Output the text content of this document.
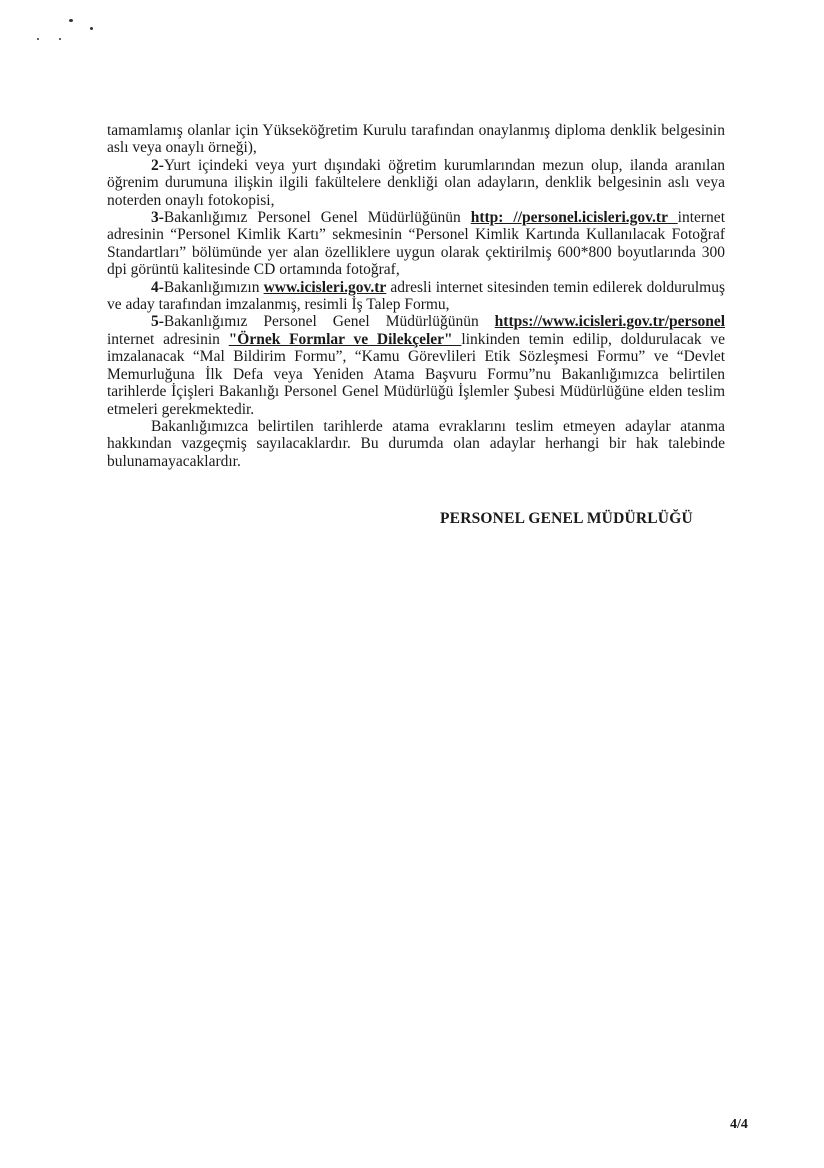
tamamlamış olanlar için Yükseköğretim Kurulu tarafından onaylanmış diploma denklik belgesinin aslı veya onaylı örneği),

2-Yurt içindeki veya yurt dışındaki öğretim kurumlarından mezun olup, ilanda aranılan öğrenim durumuna ilişkin ilgili fakültelere denkliği olan adayların, denklik belgesinin aslı veya noterden onaylı fotokopisi,

3-Bakanlığımız Personel Genel Müdürlüğünün http: //personel.icisleri.gov.tr internet adresinin “Personel Kimlik Kartı” sekmesinin “Personel Kimlik Kartında Kullanılacak Fotoğraf Standartları” bölümünde yer alan özelliklere uygun olarak çektirilmiş 600*800 boyutlarında 300 dpi görüntü kalitesinde CD ortamında fotoğraf,

4-Bakanlığımızın www.icisleri.gov.tr adresli internet sitesinden temin edilerek doldurulmuş ve aday tarafından imzalanmış, resimli İş Talep Formu,

5-Bakanlığımız Personel Genel Müdürlüğünün https://www.icisleri.gov.tr/personel internet adresinin "Örnek Formlar ve Dilekçeler" linkinden temin edilip, doldurulacak ve imzalanacak “Mal Bildirim Formu”, “Kamu Görevlileri Etik Sözleşmesi Formu” ve “Devlet Memurluğuna İlk Defa veya Yeniden Atama Başvuru Formu”nu Bakanlığımızca belirtilen tarihlerde İçişleri Bakanlığı Personel Genel Müdürlüğü İşlemler Şubesi Müdürlüğüne elden teslim etmeleri gerekmektedir.

Bakanlığımızca belirtilen tarihlerde atama evraklarını teslim etmeyen adaylar atanma hakkından vazgeçmiş sayılacaklardır. Bu durumda olan adaylar herhangi bir hak talebinde bulunamayacaklardır.

PERSONEL GENEL MÜDÜRLÜĞÜ
4/4
